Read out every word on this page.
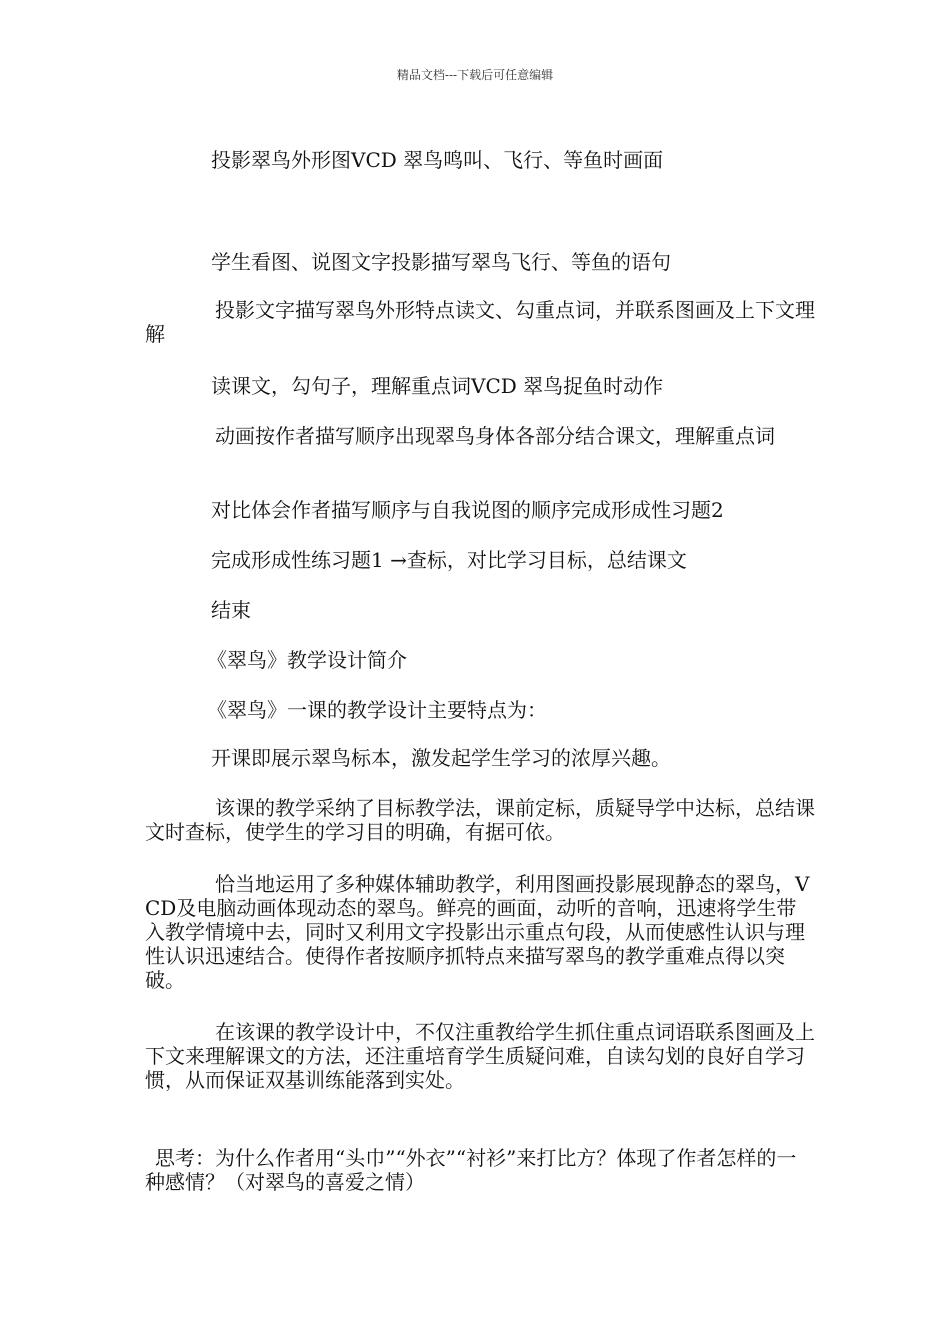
精品文档---下载后可任意编辑
投影翠鸟外形图VCD 翠鸟鸣叫、飞行、等鱼时画面
学生看图、说图文字投影描写翠鸟飞行、等鱼的语句
投影文字描写翠鸟外形特点读文、勾重点词，并联系图画及上下文理解
读课文，勾句子，理解重点词VCD 翠鸟捉鱼时动作
动画按作者描写顺序出现翠鸟身体各部分结合课文，理解重点词
对比体会作者描写顺序与自我说图的顺序完成形成性习题2
完成形成性练习题1 →查标，对比学习目标，总结课文
结束
《翠鸟》教学设计简介
《翠鸟》一课的教学设计主要特点为：
开课即展示翠鸟标本，激发起学生学习的浓厚兴趣。
该课的教学采纳了目标教学法，课前定标，质疑导学中达标，总结课文时查标，使学生的学习目的明确，有据可依。
恰当地运用了多种媒体辅助教学，利用图画投影展现静态的翠鸟，VCD及电脑动画体现动态的翠鸟。鲜亮的画面，动听的音响，迅速将学生带入教学情境中去，同时又利用文字投影出示重点句段，从而使感性认识与理性认识迅速结合。使得作者按顺序抓特点来描写翠鸟的教学重难点得以突破。
在该课的教学设计中，不仅注重教给学生抓住重点词语联系图画及上下文来理解课文的方法，还注重培育学生质疑问难，自读勾划的良好自学习惯，从而保证双基训练能落到实处。
思考：为什么作者用“头巾”“外衣”“衬衫”来打比方？体现了作者怎样的一种感情？（对翠鸟的喜爱之情）
